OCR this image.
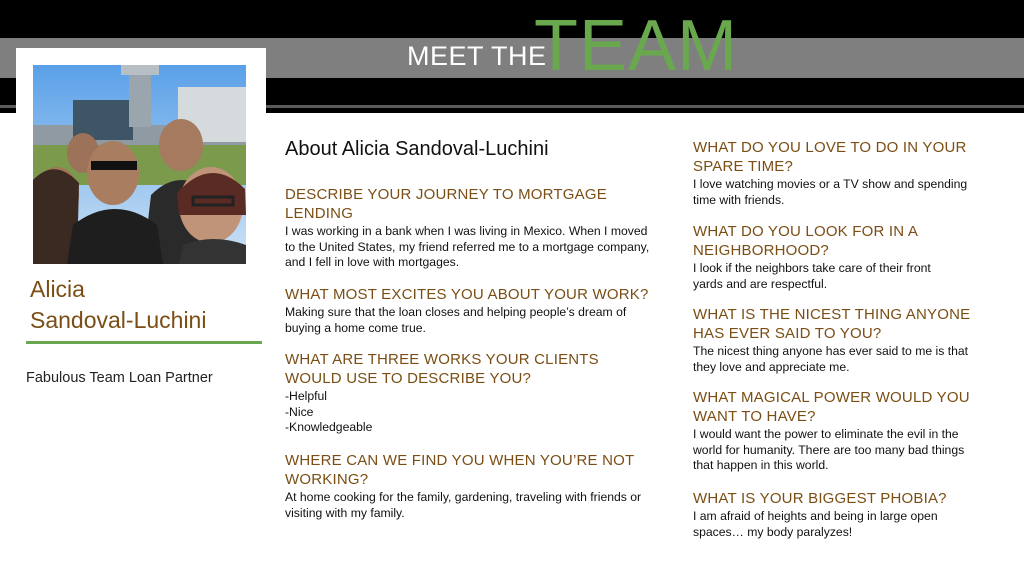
MEET THE
TEAM
Alicia
Sandoval-Luchini
Fabulous Team Loan Partner
About Alicia Sandoval-Luchini
DESCRIBE YOUR JOURNEY TO MORTGAGE LENDING
I was working in a bank when I was living in Mexico. When I moved to the United States, my friend referred me to a mortgage company, and I fell in love with mortgages.
WHAT MOST EXCITES YOU ABOUT YOUR WORK?
Making sure that the loan closes and helping people’s dream of buying a home come true.
WHAT ARE THREE WORKS YOUR CLIENTS WOULD USE TO DESCRIBE YOU?
-Helpful
-Nice
-Knowledgeable
WHERE CAN WE FIND YOU WHEN YOU’RE NOT WORKING?
At home cooking for the family, gardening, traveling with friends or visiting with my family.
WHAT DO YOU LOVE TO DO IN YOUR SPARE TIME?
I love watching movies or a TV show and spending time with friends.
WHAT DO YOU LOOK FOR IN A NEIGHBORHOOD?
I look if the neighbors take care of their front yards and are respectful.
WHAT IS THE NICEST THING ANYONE HAS EVER SAID TO YOU?
The nicest thing anyone has ever said to me is that they love and appreciate me.
WHAT MAGICAL POWER WOULD YOU WANT TO HAVE?
I would want the power to eliminate the evil in the world for humanity. There are too many bad things that happen in this world.
WHAT IS YOUR BIGGEST PHOBIA?
I am afraid of heights and being in large open spaces… my body paralyzes!
